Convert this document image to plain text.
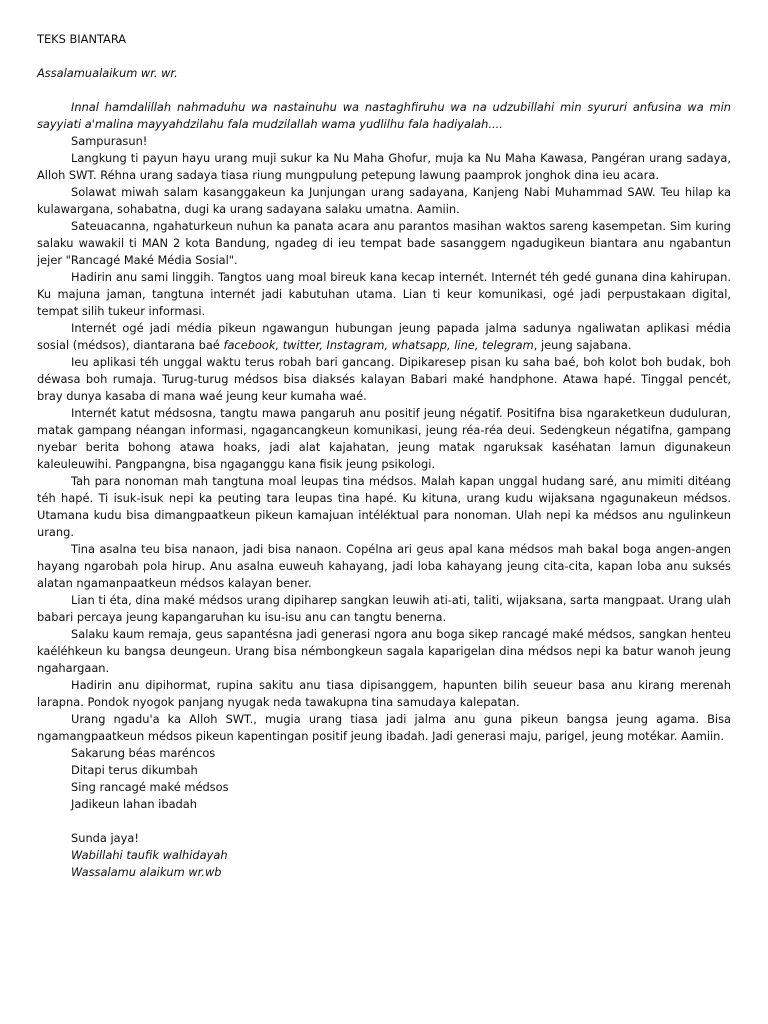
TEKS BIANTARA

Assalamualaikum wr. wr.

Innal hamdalillah nahmaduhu wa nastainuhu wa nastaghfiruhu wa na udzubillahi min syururi anfusina wa min sayyiati a'malina mayyahdzilahu fala mudzilallah wama yudlilhu fala hadiyalah....

Sampurasun!

Langkung ti payun hayu urang muji sukur ka Nu Maha Ghofur, muja ka Nu Maha Kawasa, Pangéran urang sadaya, Alloh SWT. Réhna urang sadaya tiasa riung mungpulung petepung lawung paamprok jonghok dina ieu acara.

Solawat miwah salam kasanggakeun ka Junjungan urang sadayana, Kanjeng Nabi Muhammad SAW. Teu hilap ka kulawargana, sohabatna, dugi ka urang sadayana salaku umatna. Aamiin.

Sateuacanna, ngahaturkeun nuhun ka panata acara anu parantos masihan waktos sareng kasempetan. Sim kuring salaku wawakil ti MAN 2 kota Bandung, ngadeg di ieu tempat bade sasanggem ngadugikeun biantara anu ngabantun jejer "Rancagé Maké Média Sosial".

Hadirin anu sami linggih. Tangtos uang moal bireuk kana kecap internét. Internét téh gedé gunana dina kahirupan. Ku majuna jaman, tangtuna internét jadi kabutuhan utama. Lian ti keur komunikasi, ogé jadi perpustakaan digital, tempat silih tukeur informasi.

Internét ogé jadi média pikeun ngawangun hubungan jeung papada jalma sadunya ngaliwatan aplikasi média sosial (médsos), diantarana baé facebook, twitter, Instagram, whatsapp, line, telegram, jeung sajabana.

Ieu aplikasi téh unggal waktu terus robah bari gancang. Dipikaresep pisan ku saha baé, boh kolot boh budak, boh déwasa boh rumaja. Turug-turug médsos bisa diaksés kalayan Babari maké handphone. Atawa hapé. Tinggal pencét, bray dunya kasaba di mana waé jeung keur kumaha waé.

Internét katut médsosna, tangtu mawa pangaruh anu positif jeung négatif. Positifna bisa ngaraketkeun duduluran, matak gampang néangan informasi, ngagancangkeun komunikasi, jeung réa-réa deui. Sedengkeun négatifna, gampang nyebar berita bohong atawa hoaks, jadi alat kajahatan, jeung matak ngaruksak kaséhatan lamun digunakeun kaleuleuwihi. Pangpangna, bisa ngaganggu kana fisik jeung psikologi.

Tah para nonoman mah tangtuna moal leupas tina médsos. Malah kapan unggal hudang saré, anu mimiti ditéang téh hapé. Ti isuk-isuk nepi ka peuting tara leupas tina hapé. Ku kituna, urang kudu wijaksana ngagunakeun médsos. Utamana kudu bisa dimangpaatkeun pikeun kamajuan intéléktual para nonoman. Ulah nepi ka médsos anu ngulinkeun urang.

Tina asalna teu bisa nanaon, jadi bisa nanaon. Copélna ari geus apal kana médsos mah bakal boga angen-angen hayang ngarobah pola hirup. Anu asalna euweuh kahayang, jadi loba kahayang jeung cita-cita, kapan loba anu suksés alatan ngamanpaatkeun médsos kalayan bener.

Lian ti éta, dina maké médsos urang dipiharep sangkan leuwih ati-ati, taliti, wijaksana, sarta mangpaat. Urang ulah babari percaya jeung kapangaruhan ku isu-isu anu can tangtu benerna.

Salaku kaum remaja, geus sapantésna jadi generasi ngora anu boga sikep rancagé maké médsos, sangkan henteu kaéléhkeun ku bangsa deungeun. Urang bisa némbongkeun sagala kaparigelan dina médsos nepi ka batur wanoh jeung ngahargaan.

Hadirin anu dipihormat, rupina sakitu anu tiasa dipisanggem, hapunten bilih seueur basa anu kirang merenah larapna. Pondok nyogok panjang nyugak neda tawakupna tina samudaya kalepatan.

Urang ngadu'a ka Alloh SWT., mugia urang tiasa jadi jalma anu guna pikeun bangsa jeung agama. Bisa ngamangpaatkeun médsos pikeun kapentingan positif jeung ibadah. Jadi generasi maju, parigel, jeung motékar. Aamiin.

Sakarung béas maréncos

Ditapi terus dikumbah

Sing rancagé maké médsos

Jadikeun lahan ibadah

Sunda jaya!

Wabillahi taufik walhidayah

Wassalamu alaikum wr.wb
